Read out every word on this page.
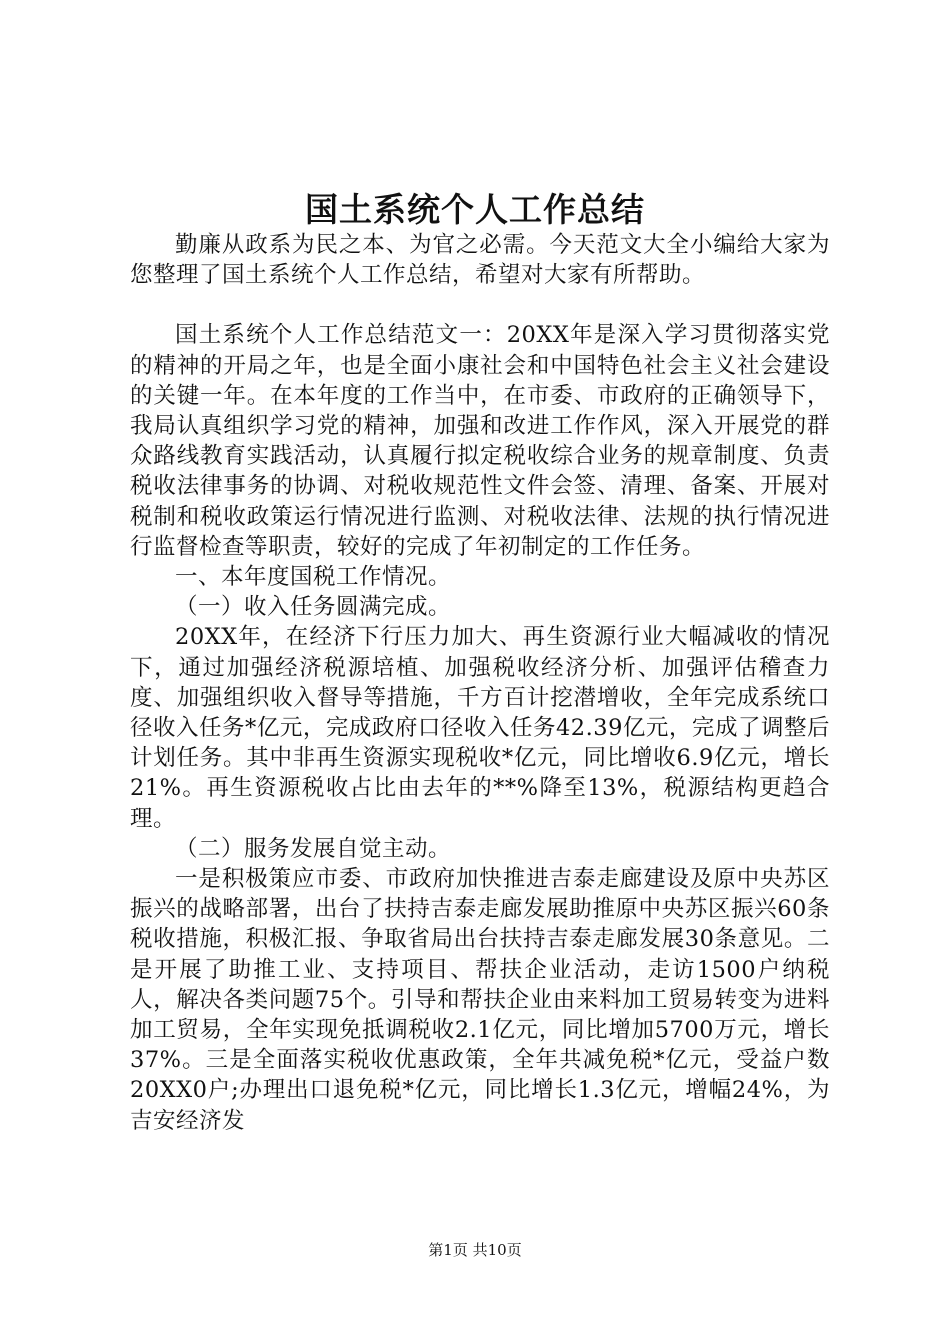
国土系统个人工作总结

勤廉从政系为民之本、为官之必需。今天范文大全小编给大家为您整理了国土系统个人工作总结，希望对大家有所帮助。

国土系统个人工作总结范文一：20XX年是深入学习贯彻落实党的精神的开局之年，也是全面小康社会和中国特色社会主义社会建设的关键一年。在本年度的工作当中，在市委、市政府的正确领导下，我局认真组织学习党的精神，加强和改进工作作风，深入开展党的群众路线教育实践活动，认真履行拟定税收综合业务的规章制度、负责税收法律事务的协调、对税收规范性文件会签、清理、备案、开展对税制和税收政策运行情况进行监测、对税收法律、法规的执行情况进行监督检查等职责，较好的完成了年初制定的工作任务。

一、本年度国税工作情况。

（一）收入任务圆满完成。

20XX年，在经济下行压力加大、再生资源行业大幅减收的情况下，通过加强经济税源培植、加强税收经济分析、加强评估稽查力度、加强组织收入督导等措施，千方百计挖潜增收，全年完成系统口径收入任务*亿元，完成政府口径收入任务42.39亿元，完成了调整后计划任务。其中非再生资源实现税收*亿元，同比增收6.9亿元，增长21%。再生资源税收占比由去年的**%降至13%，税源结构更趋合理。

（二）服务发展自觉主动。

一是积极策应市委、市政府加快推进吉泰走廊建设及原中央苏区振兴的战略部署，出台了扶持吉泰走廊发展助推原中央苏区振兴60条税收措施，积极汇报、争取省局出台扶持吉泰走廊发展30条意见。二是开展了助推工业、支持项目、帮扶企业活动，走访1500户纳税人，解决各类问题75个。引导和帮扶企业由来料加工贸易转变为进料加工贸易，全年实现免抵调税收2.1亿元，同比增加5700万元，增长37%。三是全面落实税收优惠政策，全年共减免税*亿元，受益户数20XX0户;办理出口退免税*亿元，同比增长1.3亿元，增幅24%，为吉安经济发

第1页 共10页
